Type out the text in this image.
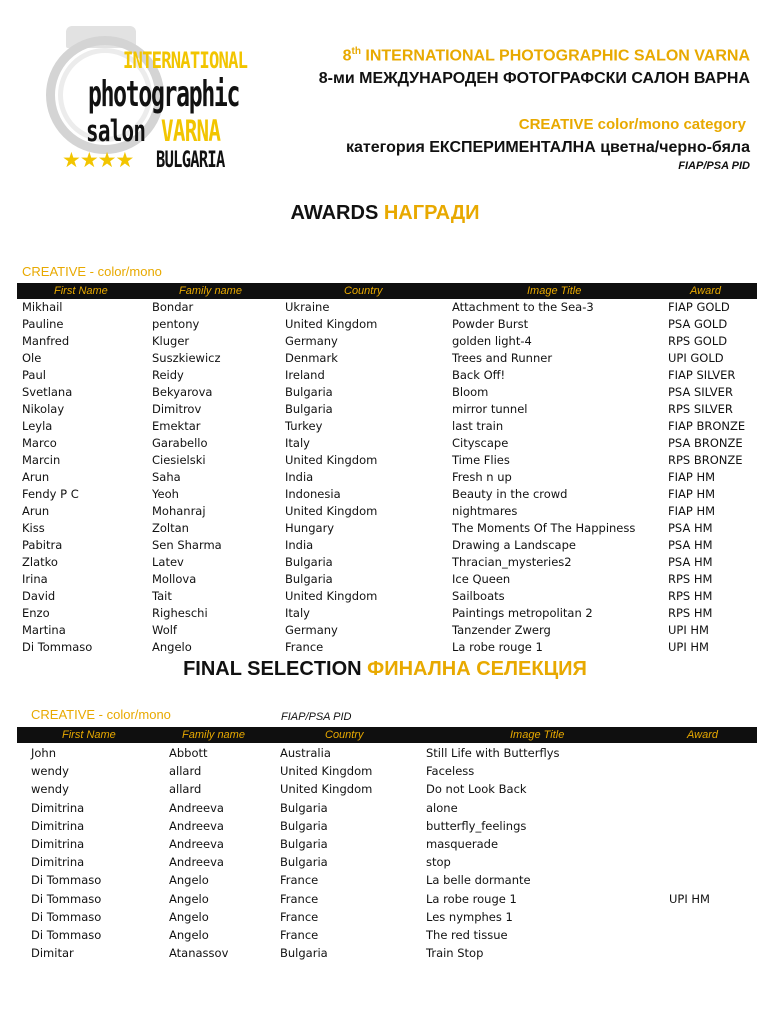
INTERNATIONAL
photographic
salon VARNA
★★★★ BULGARIA
8th INTERNATIONAL PHOTOGRAPHIC SALON VARNA
8-ми МЕЖДУНАРОДЕН ФОТОГРАФСКИ САЛОН ВАРНА
CREATIVE color/mono category
категория ЕКСПЕРИМЕНТАЛНА цветна/черно-бяла
FIAP/PSA PID
AWARDS НАГРАДИ
CREATIVE - color/mono
First Name	Family name	Country	Image Title	Award
Mikhail	Bondar	Ukraine	Attachment to the Sea-3	FIAP GOLD
Pauline	pentony	United Kingdom	Powder Burst	PSA GOLD
Manfred	Kluger	Germany	golden light-4	RPS GOLD
Ole	Suszkiewicz	Denmark	Trees and Runner	UPI GOLD
Paul	Reidy	Ireland	Back Off!	FIAP SILVER
Svetlana	Bekyarova	Bulgaria	Bloom	PSA SILVER
Nikolay	Dimitrov	Bulgaria	mirror tunnel	RPS SILVER
Leyla	Emektar	Turkey	last train	FIAP BRONZE
Marco	Garabello	Italy	Cityscape	PSA BRONZE
Marcin	Ciesielski	United Kingdom	Time Flies	RPS BRONZE
Arun	Saha	India	Fresh n up	FIAP HM
Fendy P C	Yeoh	Indonesia	Beauty in the crowd	FIAP HM
Arun	Mohanraj	United Kingdom	nightmares	FIAP HM
Kiss	Zoltan	Hungary	The Moments Of The Happiness	PSA HM
Pabitra	Sen Sharma	India	Drawing a Landscape	PSA HM
Zlatko	Latev	Bulgaria	Thracian_mysteries2	PSA HM
Irina	Mollova	Bulgaria	Ice Queen	RPS HM
David	Tait	United Kingdom	Sailboats	RPS HM
Enzo	Righeschi	Italy	Paintings metropolitan 2	RPS HM
Martina	Wolf	Germany	Tanzender Zwerg	UPI HM
Di Tommaso	Angelo	France	La robe rouge 1	UPI HM
FINAL SELECTION ФИНАЛНА СЕЛЕКЦИЯ
CREATIVE - color/mono	FIAP/PSA PID
First Name	Family name	Country	Image Title	Award
John	Abbott	Australia	Still Life with Butterflys
wendy	allard	United Kingdom	Faceless
wendy	allard	United Kingdom	Do not Look Back
Dimitrina	Andreeva	Bulgaria	alone
Dimitrina	Andreeva	Bulgaria	butterfly_feelings
Dimitrina	Andreeva	Bulgaria	masquerade
Dimitrina	Andreeva	Bulgaria	stop
Di Tommaso	Angelo	France	La belle dormante
Di Tommaso	Angelo	France	La robe rouge 1	UPI HM
Di Tommaso	Angelo	France	Les nymphes 1
Di Tommaso	Angelo	France	The red tissue
Dimitar	Atanassov	Bulgaria	Train Stop
